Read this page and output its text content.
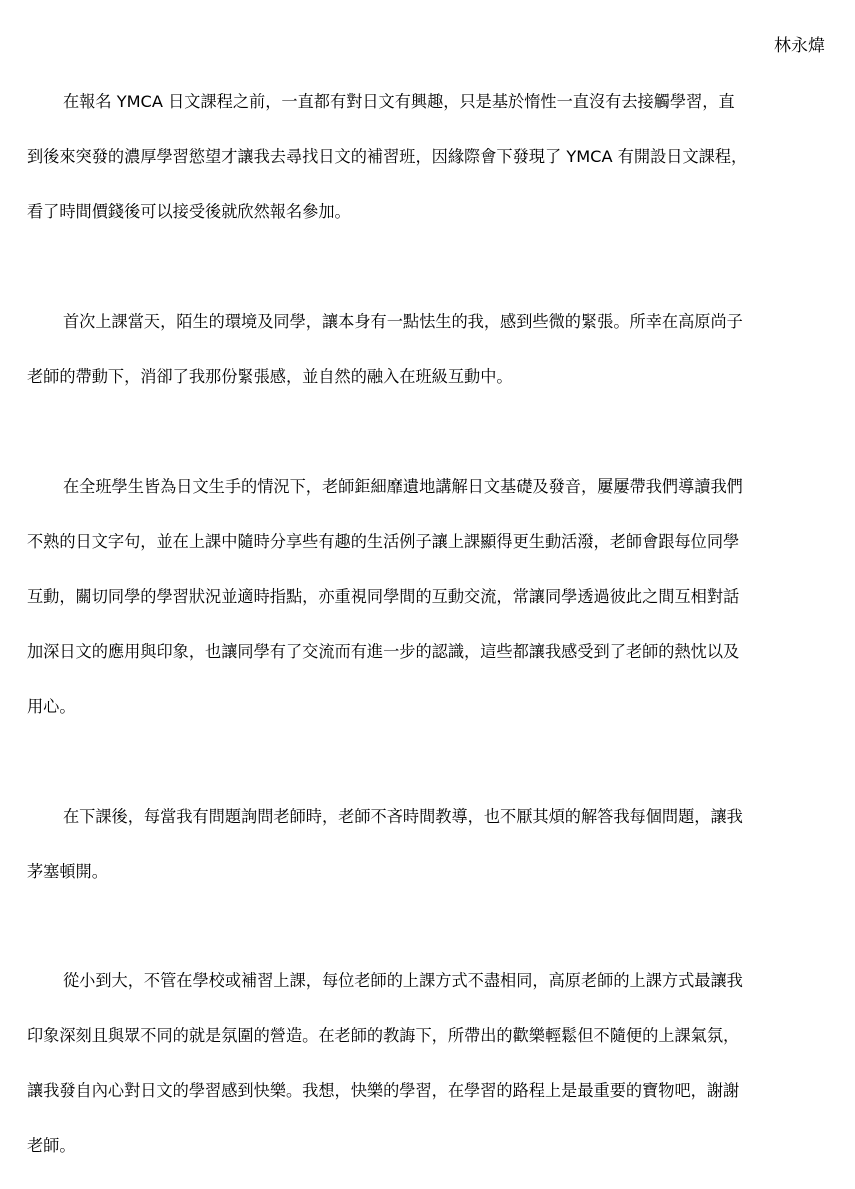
林永煒

在報名 YMCA 日文課程之前，一直都有對日文有興趣，只是基於惰性一直沒有去接觸學習，直
到後來突發的濃厚學習慾望才讓我去尋找日文的補習班，因緣際會下發現了 YMCA 有開設日文課程，
看了時間價錢後可以接受後就欣然報名參加。

首次上課當天，陌生的環境及同學，讓本身有一點怯生的我，感到些微的緊張。所幸在高原尚子
老師的帶動下，消卻了我那份緊張感，並自然的融入在班級互動中。

在全班學生皆為日文生手的情況下，老師鉅細靡遺地講解日文基礎及發音，屢屢帶我們導讀我們
不熟的日文字句，並在上課中隨時分享些有趣的生活例子讓上課顯得更生動活潑，老師會跟每位同學
互動，關切同學的學習狀況並適時指點，亦重視同學間的互動交流，常讓同學透過彼此之間互相對話
加深日文的應用與印象，也讓同學有了交流而有進一步的認識，這些都讓我感受到了老師的熱忱以及
用心。

在下課後，每當我有問題詢問老師時，老師不吝時間教導，也不厭其煩的解答我每個問題，讓我
茅塞頓開。

從小到大，不管在學校或補習上課，每位老師的上課方式不盡相同，高原老師的上課方式最讓我
印象深刻且與眾不同的就是氛圍的營造。在老師的教誨下，所帶出的歡樂輕鬆但不隨便的上課氣氛，
讓我發自內心對日文的學習感到快樂。我想，快樂的學習，在學習的路程上是最重要的寶物吧，謝謝
老師。
